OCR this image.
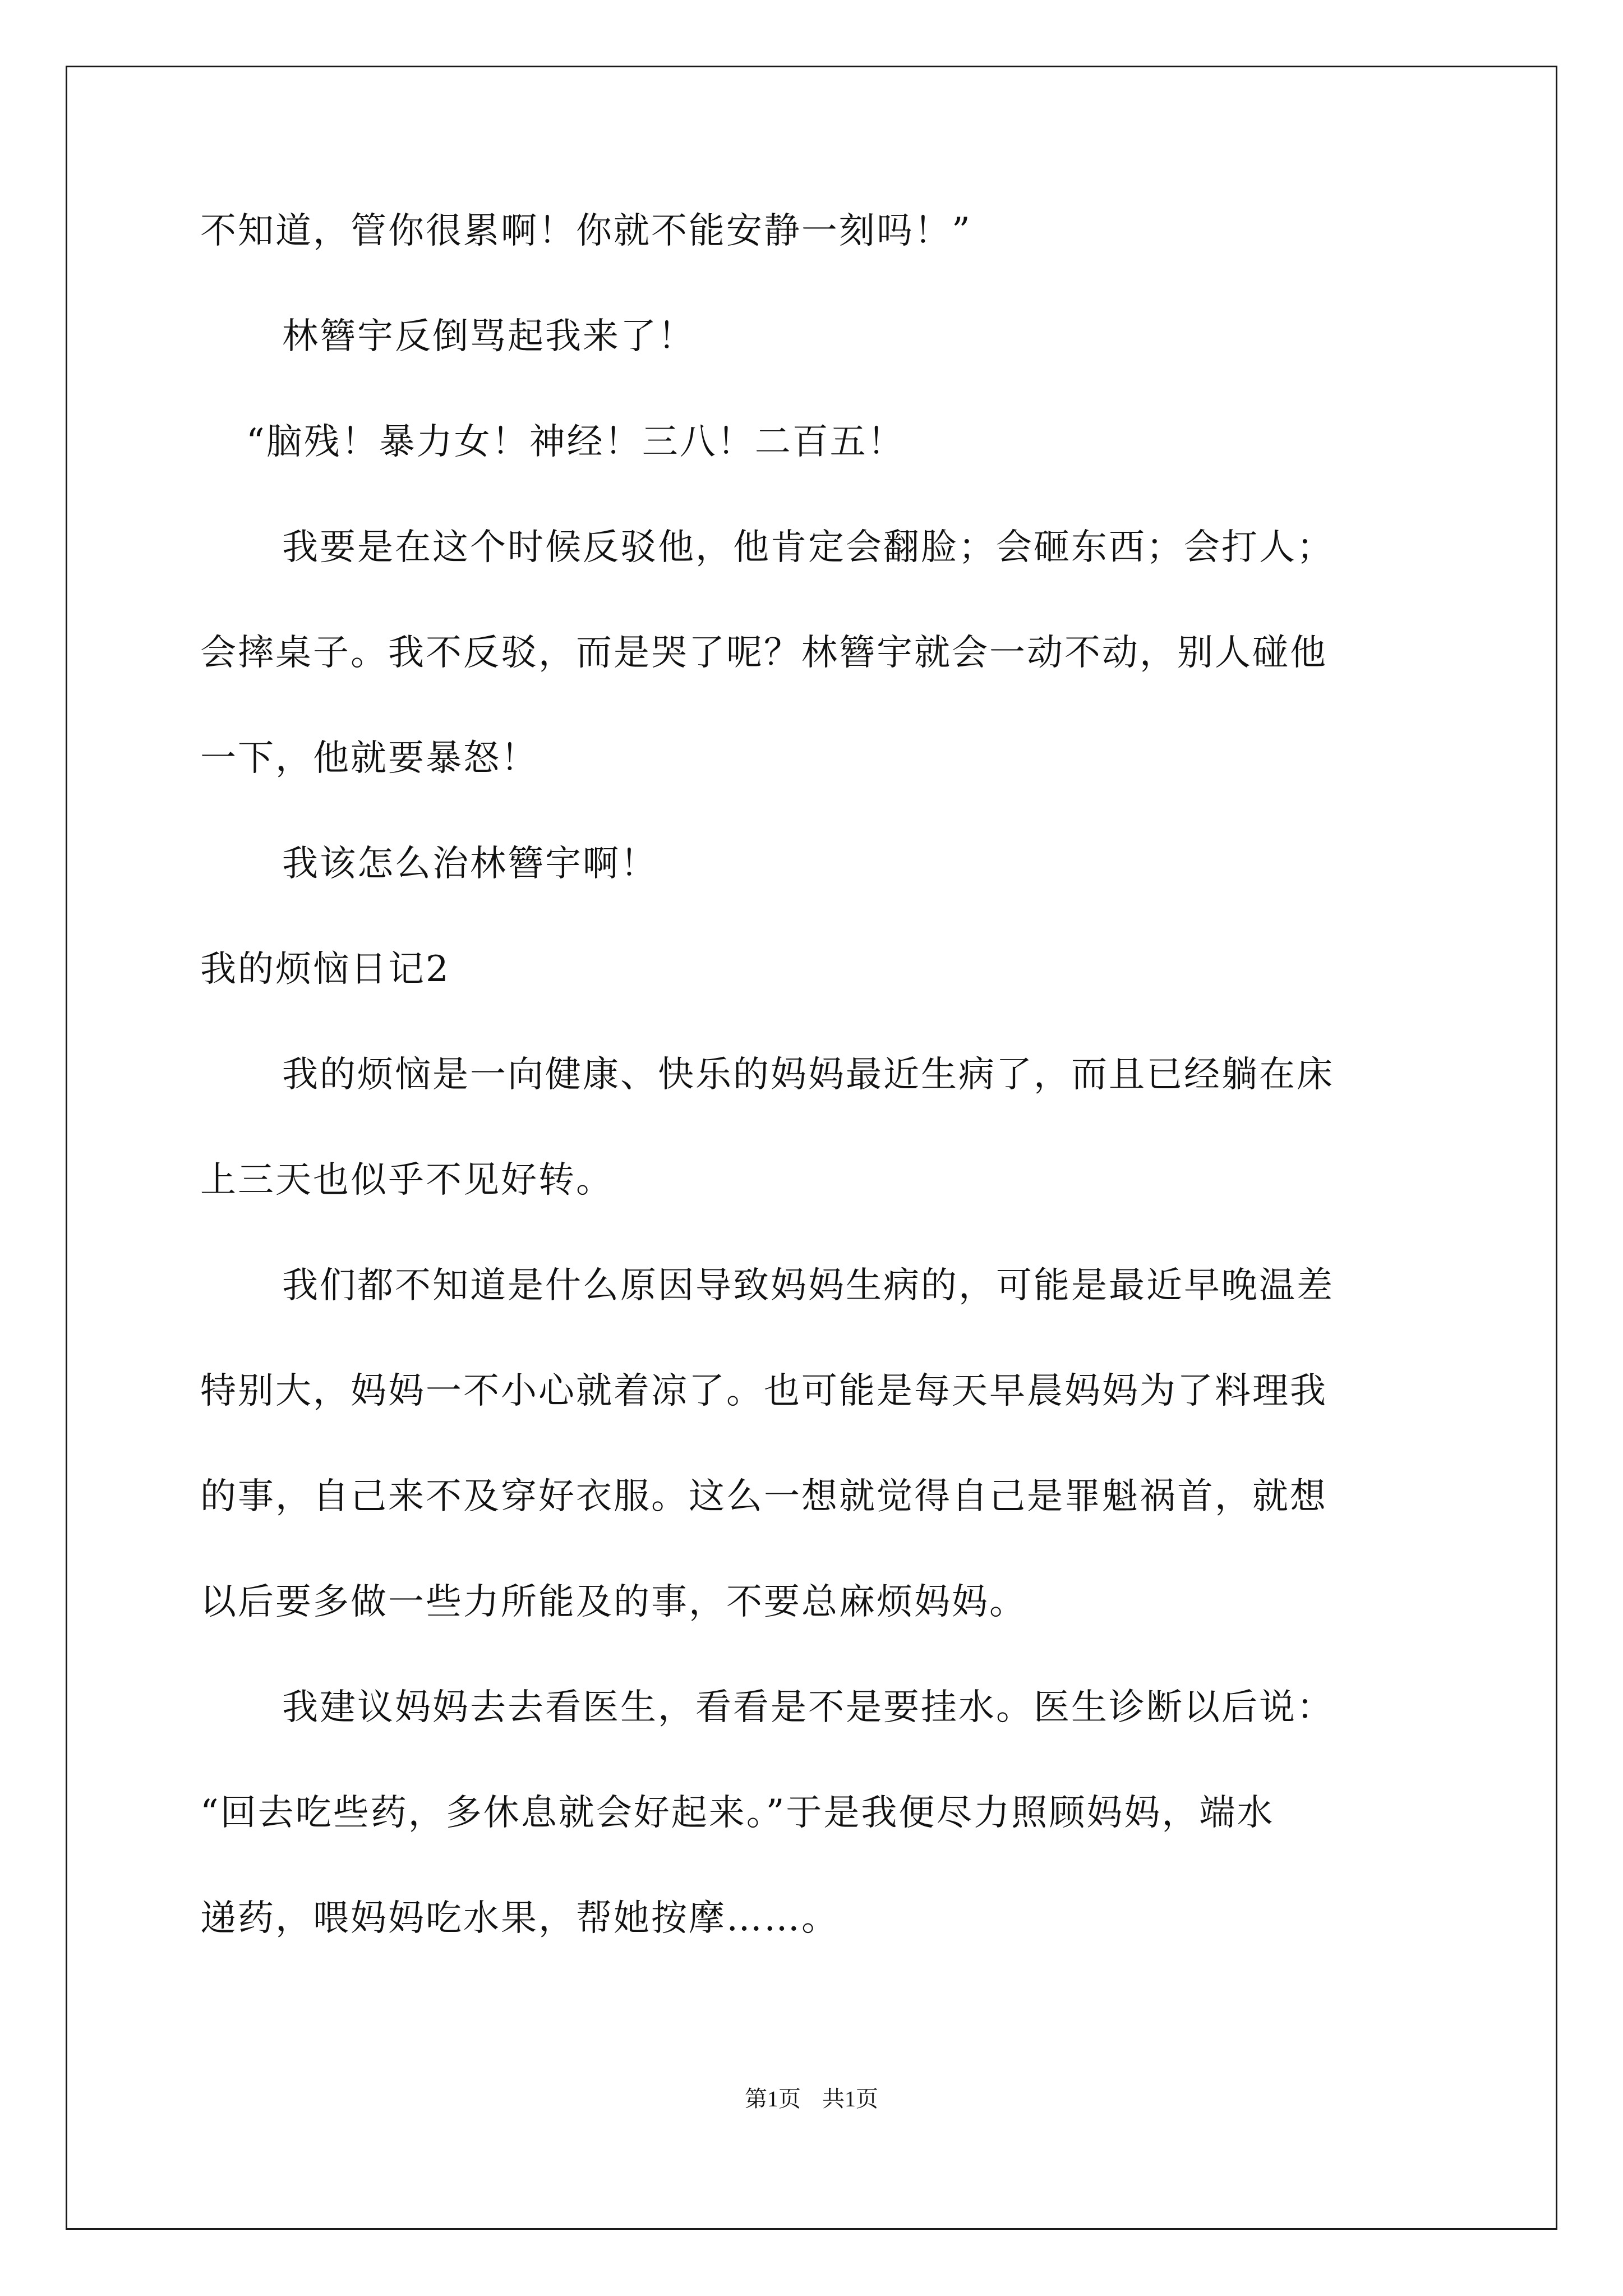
不知道，管你很累啊！你就不能安静一刻吗！”
林簪宇反倒骂起我来了！
“脑残！暴力女！神经！三八！二百五！
我要是在这个时候反驳他，他肯定会翻脸；会砸东西；会打人；
会摔桌子。我不反驳，而是哭了呢？林簪宇就会一动不动，别人碰他
一下，他就要暴怒！
我该怎么治林簪宇啊！
我的烦恼日记2
我的烦恼是一向健康、快乐的妈妈最近生病了，而且已经躺在床
上三天也似乎不见好转。
我们都不知道是什么原因导致妈妈生病的，可能是最近早晚温差
特别大，妈妈一不小心就着凉了。也可能是每天早晨妈妈为了料理我
的事，自己来不及穿好衣服。这么一想就觉得自己是罪魁祸首，就想
以后要多做一些力所能及的事，不要总麻烦妈妈。
我建议妈妈去去看医生，看看是不是要挂水。医生诊断以后说：
“回去吃些药，多休息就会好起来。”于是我便尽力照顾妈妈，端水
递药，喂妈妈吃水果，帮她按摩……。
第1页 共1页
